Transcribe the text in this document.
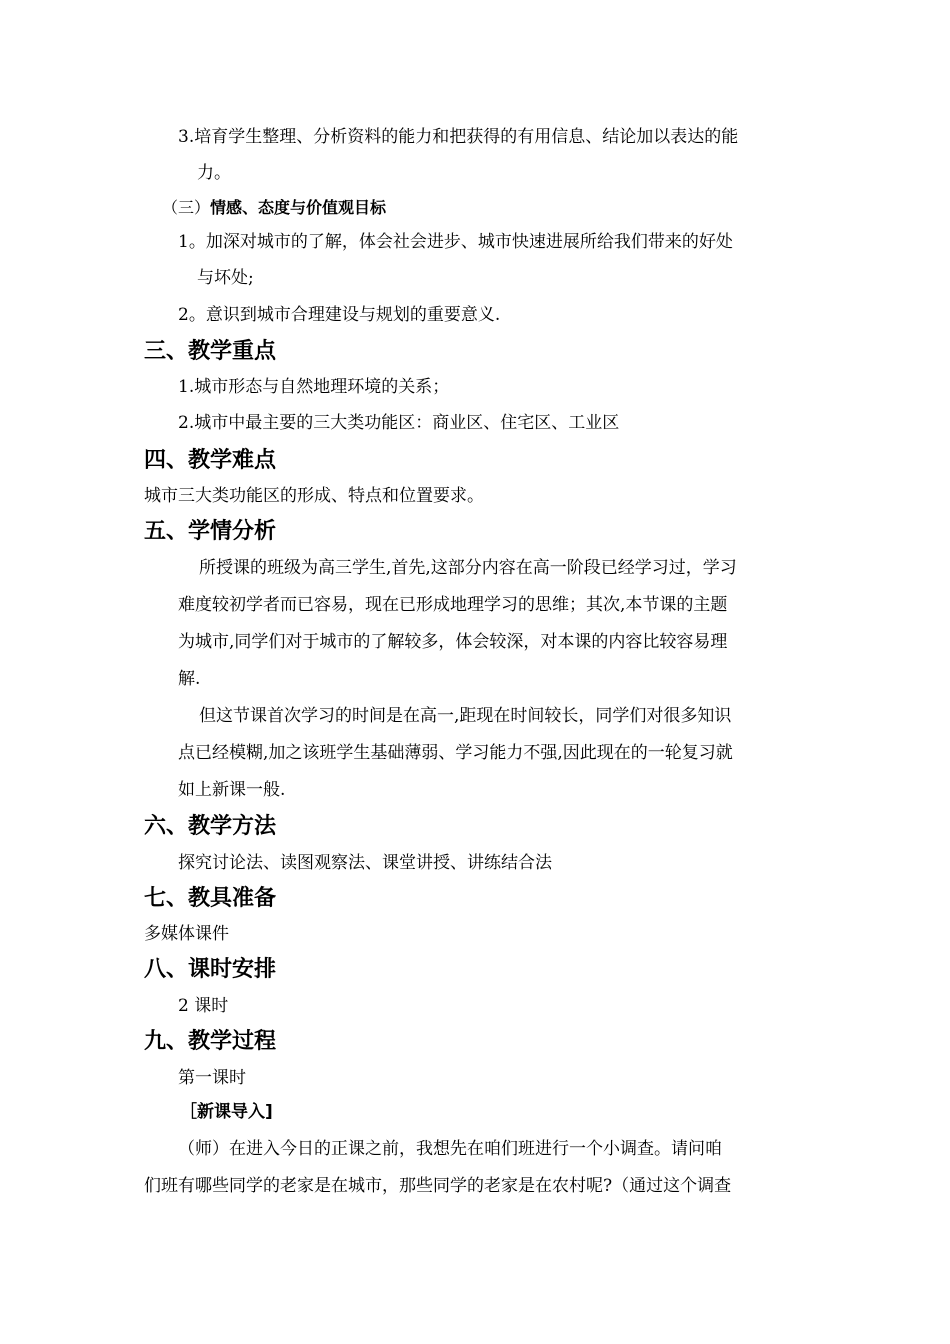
3.培育学生整理、分析资料的能力和把获得的有用信息、结论加以表达的能
力。
（三）情感、态度与价值观目标
1。加深对城市的了解，体会社会进步、城市快速进展所给我们带来的好处
与坏处;
2。意识到城市合理建设与规划的重要意义.
三、教学重点
1.城市形态与自然地理环境的关系；
2.城市中最主要的三大类功能区：商业区、住宅区、工业区
四、教学难点
城市三大类功能区的形成、特点和位置要求。
五、学情分析
所授课的班级为高三学生,首先,这部分内容在高一阶段已经学习过，学习
难度较初学者而已容易，现在已形成地理学习的思维；其次,本节课的主题
为城市,同学们对于城市的了解较多，体会较深，对本课的内容比较容易理
解.
但这节课首次学习的时间是在高一,距现在时间较长，同学们对很多知识
点已经模糊,加之该班学生基础薄弱、学习能力不强,因此现在的一轮复习就
如上新课一般.
六、教学方法
探究讨论法、读图观察法、课堂讲授、讲练结合法
七、教具准备
多媒体课件
八、课时安排
2 课时
九、教学过程
第一课时
［新课导入]
（师）在进入今日的正课之前，我想先在咱们班进行一个小调查。请问咱
们班有哪些同学的老家是在城市，那些同学的老家是在农村呢?（通过这个调查
